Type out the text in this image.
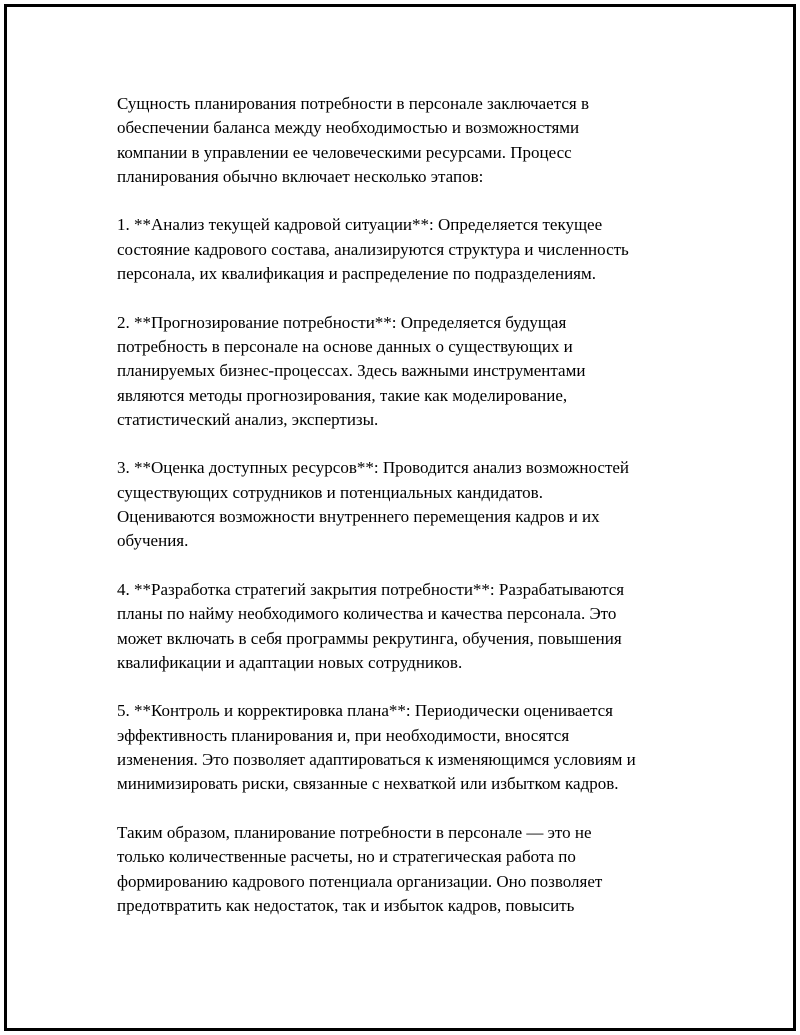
Сущность планирования потребности в персонале заключается в
обеспечении баланса между необходимостью и возможностями
компании в управлении ее человеческими ресурсами. Процесс
планирования обычно включает несколько этапов:
1. **Анализ текущей кадровой ситуации**: Определяется текущее
состояние кадрового состава, анализируются структура и численность
персонала, их квалификация и распределение по подразделениям.
2. **Прогнозирование потребности**: Определяется будущая
потребность в персонале на основе данных о существующих и
планируемых бизнес-процессах. Здесь важными инструментами
являются методы прогнозирования, такие как моделирование,
статистический анализ, экспертизы.
3. **Оценка доступных ресурсов**: Проводится анализ возможностей
существующих сотрудников и потенциальных кандидатов.
Оцениваются возможности внутреннего перемещения кадров и их
обучения.
4. **Разработка стратегий закрытия потребности**: Разрабатываются
планы по найму необходимого количества и качества персонала. Это
может включать в себя программы рекрутинга, обучения, повышения
квалификации и адаптации новых сотрудников.
5. **Контроль и корректировка плана**: Периодически оценивается
эффективность планирования и, при необходимости, вносятся
изменения. Это позволяет адаптироваться к изменяющимся условиям и
минимизировать риски, связанные с нехваткой или избытком кадров.
Таким образом, планирование потребности в персонале — это не
только количественные расчеты, но и стратегическая работа по
формированию кадрового потенциала организации. Оно позволяет
предотвратить как недостаток, так и избыток кадров, повысить
